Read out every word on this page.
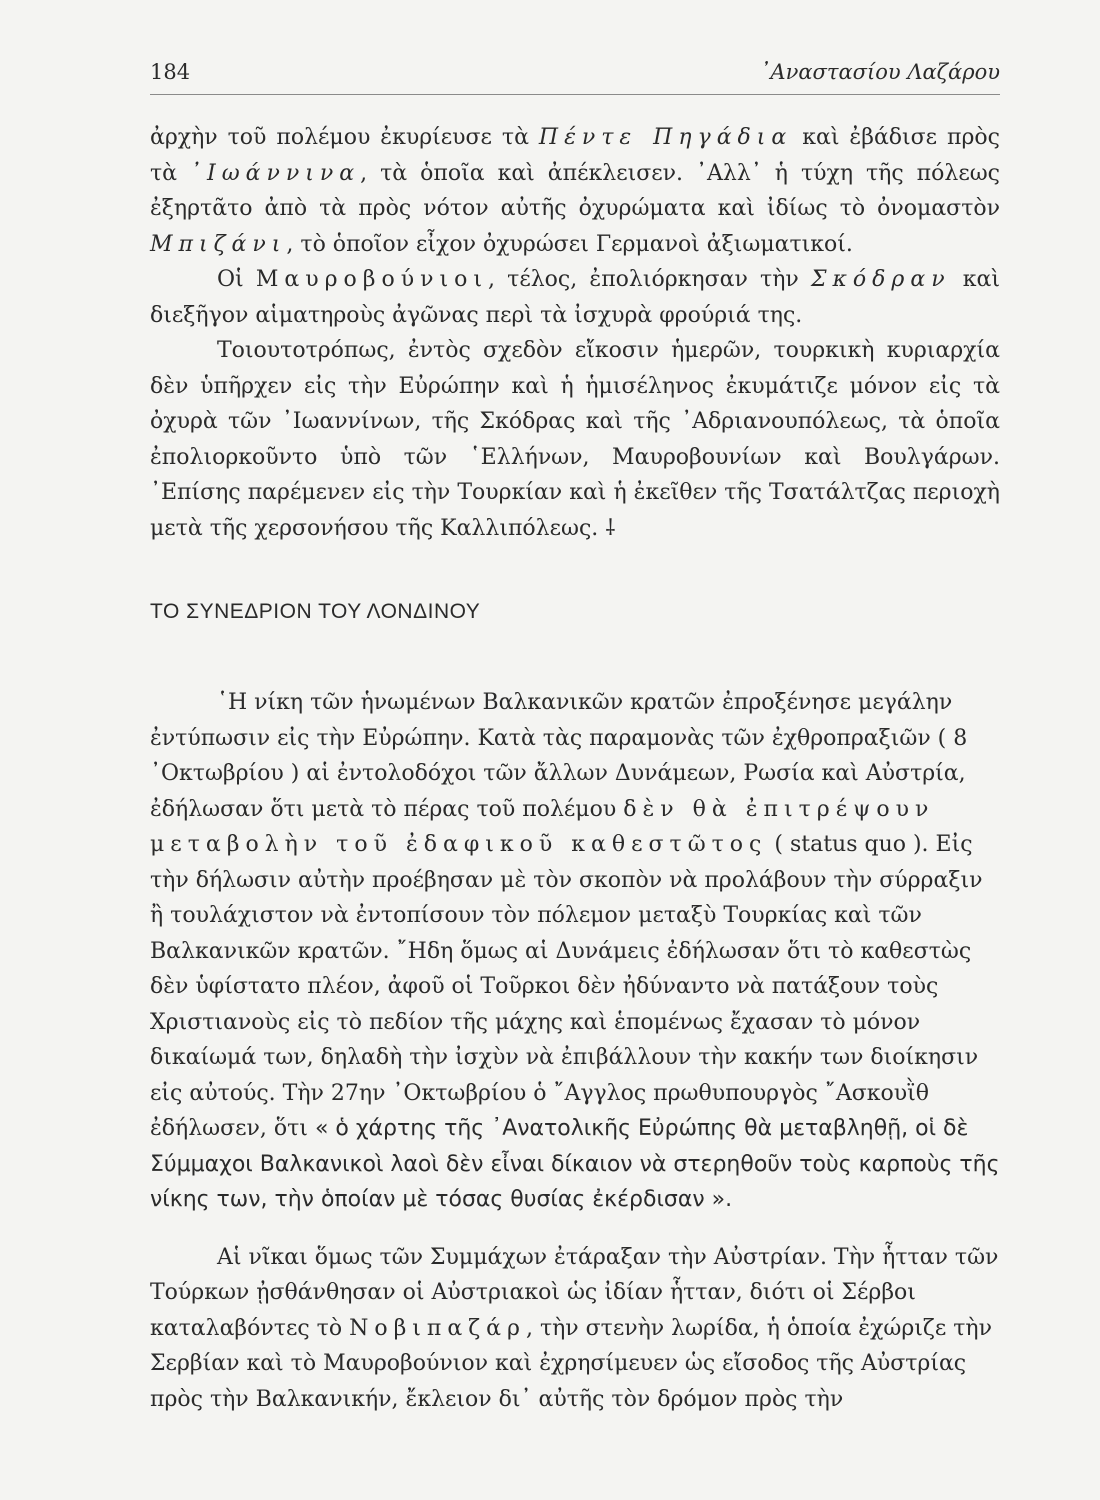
184	᾿Αναστασίου Λαζάρου

ἀρχὴν τοῦ πολέμου ἐκυρίευσε τὰ Πέντε Πηγάδια καὶ ἐβάδισε πρὸς τὰ ᾿Ιωάννινα, τὰ ὁποῖα καὶ ἀπέκλεισεν. ᾿Αλλ᾿ ἡ τύχη τῆς πόλεως ἐξηρτᾶτο ἀπὸ τὰ πρὸς νότον αὐτῆς ὀχυρώματα καὶ ἰδίως τὸ ὀνομαστὸν Μπιζάνι, τὸ ὁποῖον εἶχον ὀχυρώσει Γερμανοὶ ἀξιωματικοί.

Οἱ Μαυροβούνιοι, τέλος, ἐπολιόρκησαν τὴν Σκόδραν καὶ διεξῆγον αἱματηροὺς ἀγῶνας περὶ τὰ ἰσχυρὰ φρούριά της.

Τοιουτοτρόπως, ἐντὸς σχεδὸν εἴκοσιν ἡμερῶν, τουρκικὴ κυριαρχία δὲν ὑπῆρχεν εἰς τὴν Εὐρώπην καὶ ἡ ἡμισέληνος ἐκυμάτιζε μόνον εἰς τὰ ὀχυρὰ τῶν ᾿Ιωαννίνων, τῆς Σκόδρας καὶ τῆς ᾿Αδριανουπόλεως, τὰ ὁποῖα ἐπολιορκοῦντο ὑπὸ τῶν ῾Ελλήνων, Μαυροβουνίων καὶ Βουλγάρων. ᾿Επίσης παρέμενεν εἰς τὴν Τουρκίαν καὶ ἡ ἐκεῖθεν τῆς Τσατάλτζας περιοχὴ μετὰ τῆς χερσονήσου τῆς Καλλιπόλεως. ⸸

ΤΟ ΣΥΝΕΔΡΙΟΝ ΤΟΥ ΛΟΝΔΙΝΟΥ

῾Η νίκη τῶν ἡνωμένων Βαλκανικῶν κρατῶν ἐπροξένησε μεγάλην ἐντύπωσιν εἰς τὴν Εὐρώπην. Κατὰ τὰς παραμονὰς τῶν ἐχθροπραξιῶν ( 8 ᾿Οκτωβρίου ) αἱ ἐντολοδόχοι τῶν ἄλλων Δυνάμεων, Ρωσία καὶ Αὐστρία, ἐδήλωσαν ὅτι μετὰ τὸ πέρας τοῦ πολέμου δὲν θὰ ἐπιτρέψουν μεταβολὴν τοῦ ἐδαφικοῦ καθεστῶτος ( status quo ). Εἰς τὴν δήλωσιν αὐτὴν προέβησαν μὲ τὸν σκοπὸν νὰ προλάβουν τὴν σύρραξιν ἢ τουλάχιστον νὰ ἐντοπίσουν τὸν πόλεμον μεταξὺ Τουρκίας καὶ τῶν Βαλκανικῶν κρατῶν. ῎Ηδη ὅμως αἱ Δυνάμεις ἐδήλωσαν ὅτι τὸ καθεστὼς δὲν ὑφίστατο πλέον, ἀφοῦ οἱ Τοῦρκοι δὲν ἠδύναντο νὰ πατάξουν τοὺς Χριστιανοὺς εἰς τὸ πεδίον τῆς μάχης καὶ ἑπομένως ἔχασαν τὸ μόνον δικαίωμά των, δηλαδὴ τὴν ἰσχὺν νὰ ἐπιβάλλουν τὴν κακήν των διοίκησιν εἰς αὐτούς. Τὴν 27ην ᾿Οκτωβρίου ὁ ῎Αγγλος πρωθυπουργὸς ῎Ασκουῒθ ἐδήλωσεν, ὅτι « ὁ χάρτης τῆς ᾿Ανατολικῆς Εὐρώπης θὰ μεταβληθῇ, οἱ δὲ Σύμμαχοι Βαλκανικοὶ λαοὶ δὲν εἶναι δίκαιον νὰ στερηθοῦν τοὺς καρποὺς τῆς νίκης των, τὴν ὁποίαν μὲ τόσας θυσίας ἐκέρδισαν ».

Αἱ νῖκαι ὅμως τῶν Συμμάχων ἐτάραξαν τὴν Αὐστρίαν. Τὴν ἧτταν τῶν Τούρκων ᾐσθάνθησαν οἱ Αὐστριακοὶ ὡς ἰδίαν ἧτταν, διότι οἱ Σέρβοι καταλαβόντες τὸ Νοβιπαζάρ, τὴν στενὴν λωρίδα, ἡ ὁποία ἐχώριζε τὴν Σερβίαν καὶ τὸ Μαυροβούνιον καὶ ἐχρησίμευεν ὡς εἴσοδος τῆς Αὐστρίας πρὸς τὴν Βαλκανικήν, ἔκλειον δι᾿ αὐτῆς τὸν δρόμον πρὸς τὴν
